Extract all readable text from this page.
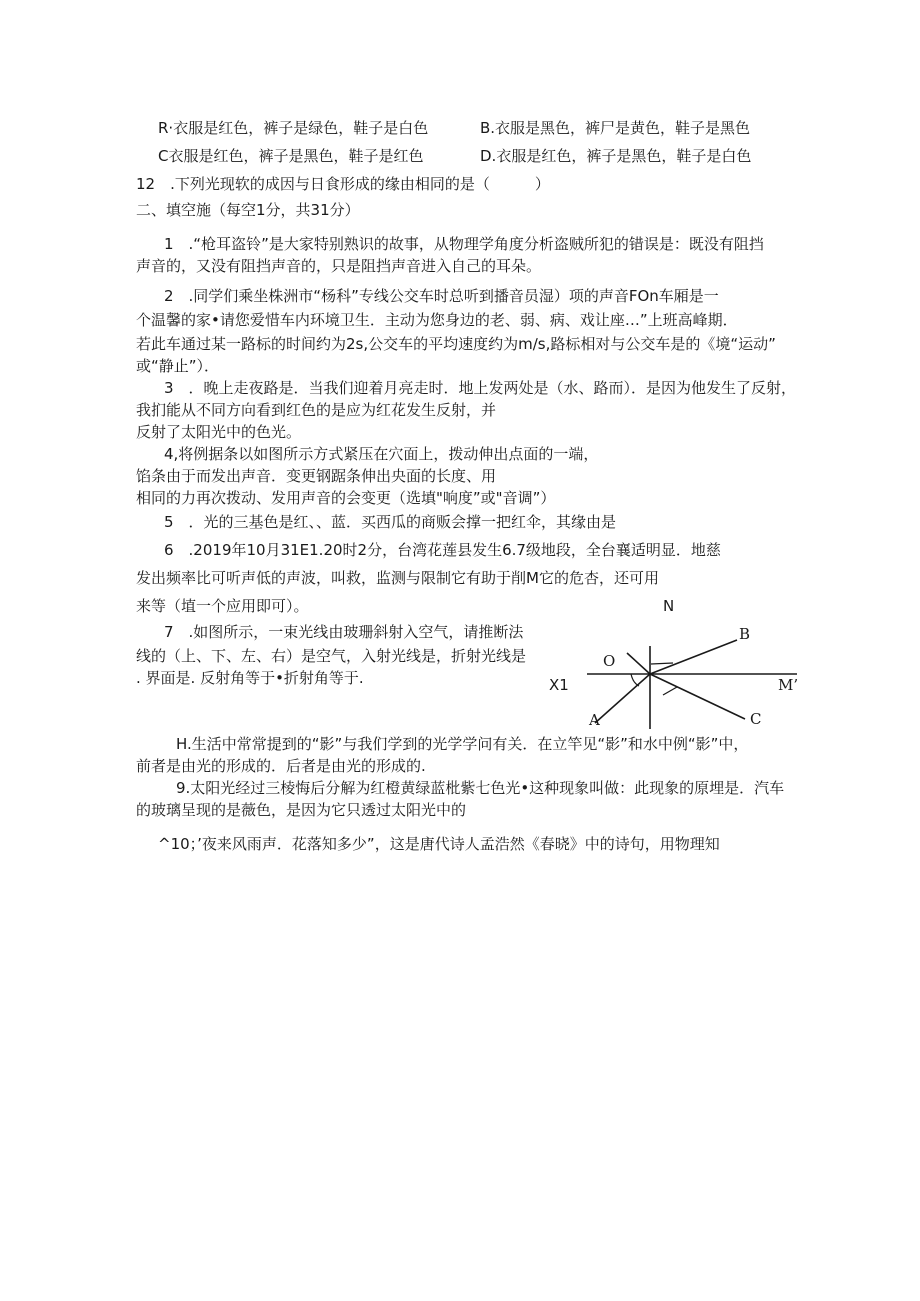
R·衣服是红色，裤子是绿色，鞋子是白色	B.衣服是黑色，裤尸是黄色，鞋子是黑色
C衣服是红色，裤子是黑色，鞋子是红色	D.衣服是红色，裤子是黑色，鞋子是白色
12　.下列光现软的成因与日食形成的缘由相同的是（　　　）
二、填空施（每空1分，共31分）
1　.“枪耳盗铃”是大家特别熟识的故事，从物理学角度分析盗贼所犯的错误是：既没有阻挡
声音的，又没有阻挡声音的，只是阻挡声音进入自己的耳朵。
2　.同学们乘坐株洲市“杨科”专线公交车时总听到播音员湿）项的声音FOn车厢是一
个温馨的家•请您爱惜车内环境卫生．主动为您身边的老、弱、病、戏让座…”上班高峰期．
若此车通过某一路标的时间约为2s,公交车的平均速度约为m∕s,路标相对与公交车是的《境“运动”
或“静止”）．
3　．晚上走夜路是．当我们迎着月亮走时．地上发两处是（水、路而）．是因为他发生了反射，
我扪能从不同方向看到红色的是应为红花发生反射，并
反射了太阳光中的色光。
4,将例据条以如图所示方式紧压在穴面上，拨动伸出点面的一端，
馅条由于而发出声音．变更钢踞条伸出央面的长度、用
相同的力再次拨动、发用声音的会变更（选填"响度”或"音调”）
5　．光的三基色是红、、蓝．买西瓜的商贩会撑一把红伞，其缘由是
6　.2019年10月31E1.20时2分，台湾花莲县发生6.7级地段，全台襄适明显．地慈
发出频率比可听声低的声波，叫救，监测与限制它有助于削M它的危杏，还可用
来等（埴一个应用即可）。
7　.如图所示，一束光线由玻珊斜射入空气，请推断法
线的（上、下、左、右）是空气，入射光线是，折射光线是
. 界面是. 反射角等于•折射角等于.
N
O
B
X1	M’
A	C
H.生活中常常提到的“影”与我们学到的光学学问有关．在立竿见“影”和水中例“影”中，
前者是由光的形成的．后者是由光的形成的.
9.太阳光经过三棱悔后分解为红橙黄绿蓝枇紫七色光•这种现象叫做：此现象的原埋是．汽车
的玻璃呈现的是薇色，是因为它只透过太阳光中的
^10；’夜来风雨声．花落知多少”，这是唐代诗人孟浩然《春晓》中的诗句，用物理知
